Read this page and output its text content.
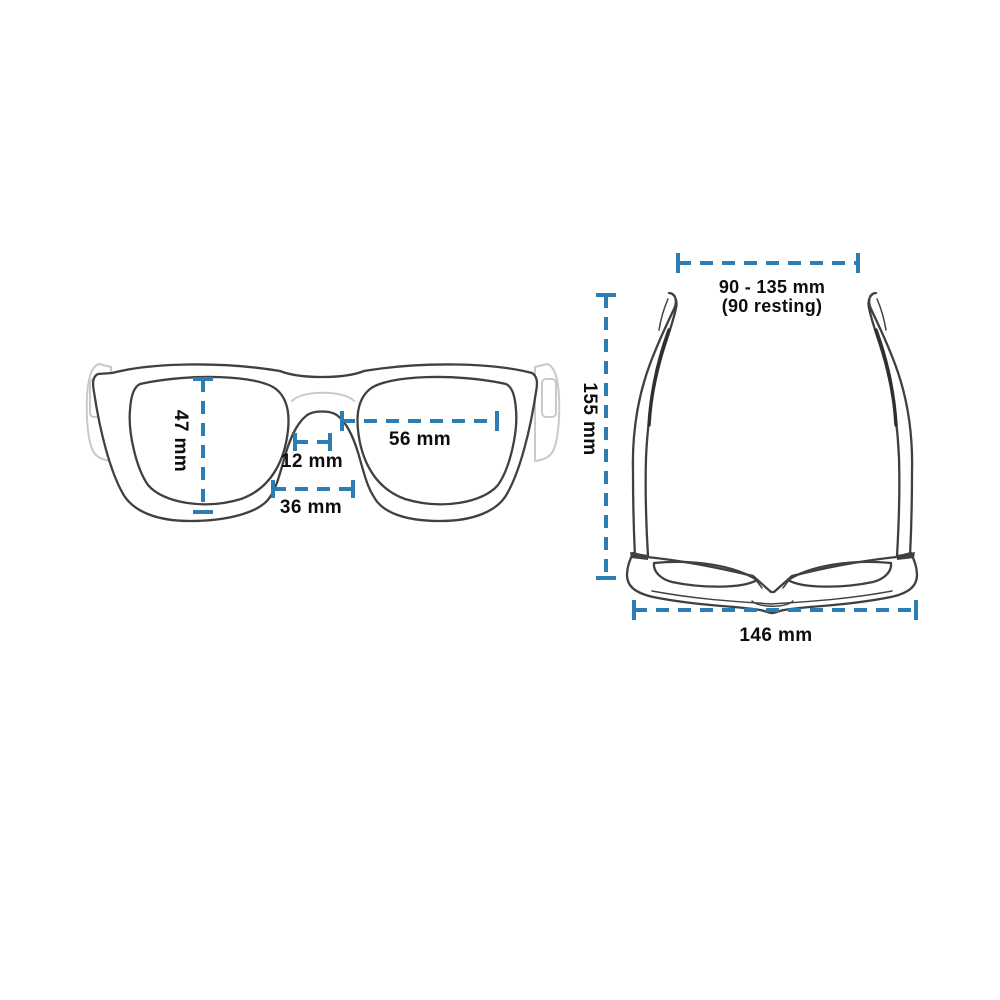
47 mm	56 mm
12 mm
36 mm
90 - 135 mm
(90 resting)
155 mm
146 mm
